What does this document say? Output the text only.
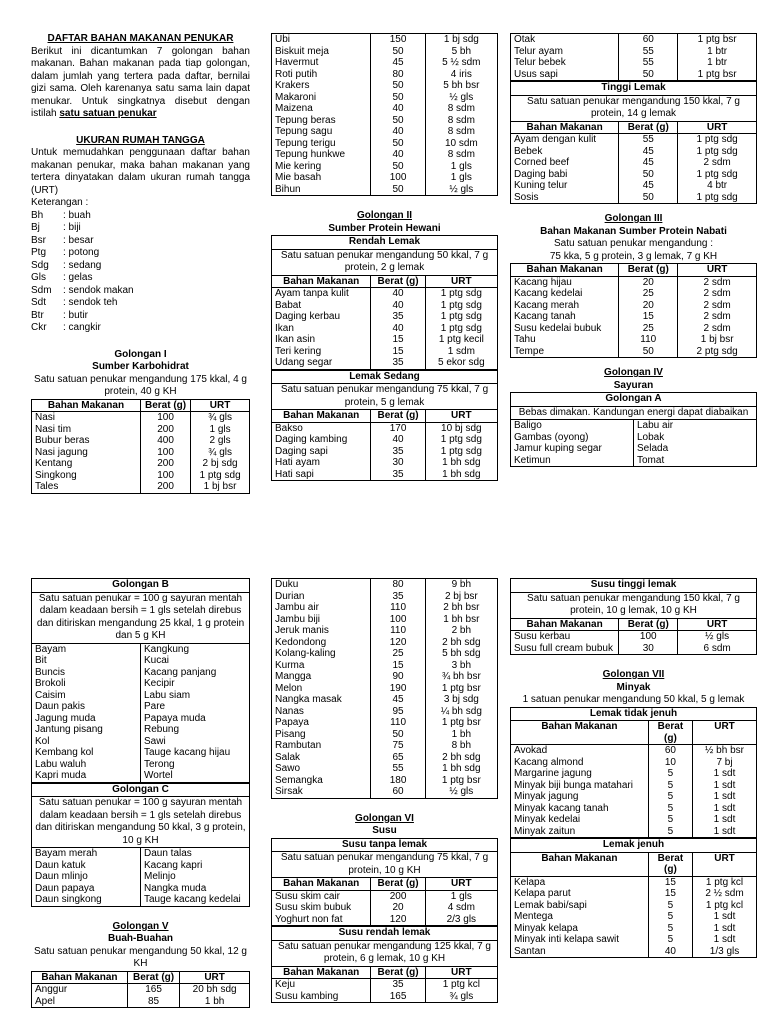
DAFTAR BAHAN MAKANAN PENUKAR

Berikut ini dicantumkan 7 golongan bahan makanan. Bahan makanan pada tiap golongan, dalam jumlah yang tertera pada daftar, bernilai gizi sama. Oleh karenanya satu sama lain dapat menukar. Untuk singkatnya disebut dengan istilah satu satuan penukar

UKURAN RUMAH TANGGA

Untuk memudahkan penggunaan daftar bahan makanan penukar, maka bahan makanan yang tertera dinyatakan dalam ukuran rumah tangga (URT)

Keterangan :
Bh	: buah
Bj	: biji
Bsr	: besar
Ptg	: potong
Sdg	: sedang
Gls	: gelas
Sdm	: sendok makan
Sdt	: sendok teh
Btr	: butir
Ckr	: cangkir
Golongan I
Sumber Karbohidrat
Satu satuan penukar mengandung 175 kkal, 4 g protein, 40 g KH
Bahan Makanan	Berat (g)	URT
Nasi	100	¾ gls
Nasi tim	200	1 gls
Bubur beras	400	2 gls
Nasi jagung	100	¾ gls
Kentang	200	2 bj sdg
Singkong	100	1 ptg sdg
Tales	200	1 bj bsr
Ubi	150	1 bj sdg
Biskuit meja	50	5 bh
Havermut	45	5 ½ sdm
Roti putih	80	4 iris
Krakers	50	5 bh bsr
Makaroni	50	½ gls
Maizena	40	8 sdm
Tepung beras	50	8 sdm
Tepung sagu	40	8 sdm
Tepung terigu	50	10 sdm
Tepung hunkwe	40	8 sdm
Mie kering	50	1 gls
Mie basah	100	1 gls
Bihun	50	½ gls
Golongan II
Sumber Protein Hewani
Rendah Lemak
Satu satuan penukar mengandung 50 kkal, 7 g protein, 2 g lemak
Bahan Makanan	Berat (g)	URT
Ayam tanpa kulit	40	1 ptg sdg
Babat	40	1 ptg sdg
Daging kerbau	35	1 ptg sdg
Ikan	40	1 ptg sdg
Ikan asin	15	1 ptg kecil
Teri kering	15	1 sdm
Udang segar	35	5 ekor sdg
Lemak Sedang
Satu satuan penukar mengandung 75 kkal, 7 g protein, 5 g lemak
Bahan Makanan	Berat (g)	URT
Bakso	170	10 bj sdg
Daging kambing	40	1 ptg sdg
Daging sapi	35	1 ptg sdg
Hati ayam	30	1 bh sdg
Hati sapi	35	1 bh sdg
Otak	60	1 ptg bsr
Telur ayam	55	1 btr
Telur bebek	55	1 btr
Usus sapi	50	1 ptg bsr
Tinggi Lemak
Satu satuan penukar mengandung 150 kkal, 7 g protein, 14 g lemak
Bahan Makanan	Berat (g)	URT
Ayam dengan kulit	55	1 ptg sdg
Bebek	45	1 ptg sdg
Corned beef	45	2 sdm
Daging babi	50	1 ptg sdg
Kuning telur	45	4 btr
Sosis	50	1 ptg sdg
Golongan III
Bahan Makanan Sumber Protein Nabati
Satu satuan penukar mengandung :
75 kka, 5 g protein, 3 g lemak, 7 g KH
Bahan Makanan	Berat (g)	URT
Kacang hijau	20	2 sdm
Kacang kedelai	25	2 sdm
Kacang merah	20	2 sdm
Kacang tanah	15	2 sdm
Susu kedelai bubuk	25	2 sdm
Tahu	110	1 bj bsr
Tempe	50	2 ptg sdg
Golongan IV
Sayuran
Golongan A
Bebas dimakan. Kandungan energi dapat diabaikan
Baligo	Labu air
Gambas (oyong)	Lobak
Jamur kuping segar	Selada
Ketimun	Tomat
Golongan B
Satu satuan penukar = 100 g sayuran mentah dalam keadaan bersih = 1 gls setelah direbus dan ditiriskan mengandung 25 kkal, 1 g protein dan 5 g KH
Bayam	Kangkung
Bit	Kucai
Buncis	Kacang panjang
Brokoli	Kecipir
Caisim	Labu siam
Daun pakis	Pare
Jagung muda	Papaya muda
Jantung pisang	Rebung
Kol	Sawi
Kembang kol	Tauge kacang hijau
Labu waluh	Terong
Kapri muda	Wortel
Golongan C
Satu satuan penukar = 100 g sayuran mentah dalam keadaan bersih = 1 gls setelah direbus dan ditiriskan mengandung 50 kkal, 3 g protein, 10 g KH
Bayam merah	Daun talas
Daun katuk	Kacang kapri
Daun mlinjo	Melinjo
Daun papaya	Nangka muda
Daun singkong	Tauge kacang kedelai
Golongan V
Buah-Buahan
Satu satuan penukar mengandung 50 kkal, 12 g KH
Bahan Makanan	Berat (g)	URT
Anggur	165	20 bh sdg
Apel	85	1 bh
Duku	80	9 bh
Durian	35	2 bj bsr
Jambu air	110	2 bh bsr
Jambu biji	100	1 bh bsr
Jeruk manis	110	2 bh
Kedondong	120	2 bh sdg
Kolang-kaling	25	5 bh sdg
Kurma	15	3 bh
Mangga	90	¾ bh bsr
Melon	190	1 ptg bsr
Nangka masak	45	3 bj sdg
Nanas	95	¼ bh sdg
Papaya	110	1 ptg bsr
Pisang	50	1 bh
Rambutan	75	8 bh
Salak	65	2 bh sdg
Sawo	55	1 bh sdg
Semangka	180	1 ptg bsr
Sirsak	60	½ gls
Golongan VI
Susu
Susu tanpa lemak
Satu satuan penukar mengandung 75 kkal, 7 g protein, 10 g KH
Bahan Makanan	Berat (g)	URT
Susu skim cair	200	1 gls
Susu skim bubuk	20	4 sdm
Yoghurt non fat	120	2/3 gls
Susu rendah lemak
Satu satuan penukar mengandung 125 kkal, 7 g protein, 6 g lemak, 10 g KH
Bahan Makanan	Berat (g)	URT
Keju	35	1 ptg kcl
Susu kambing	165	¾ gls
Susu tinggi lemak
Satu satuan penukar mengandung 150 kkal, 7 g protein, 10 g lemak, 10 g KH
Bahan Makanan	Berat (g)	URT
Susu kerbau	100	½ gls
Susu full cream bubuk	30	6 sdm
Golongan VII
Minyak
1 satuan penukar mengandung 50 kkal, 5 g lemak
Lemak tidak jenuh
Bahan Makanan	Berat (g)	URT
Avokad	60	½ bh bsr
Kacang almond	10	7 bj
Margarine jagung	5	1 sdt
Minyak biji bunga matahari	5	1 sdt
Minyak jagung	5	1 sdt
Minyak kacang tanah	5	1 sdt
Minyak kedelai	5	1 sdt
Minyak zaitun	5	1 sdt
Lemak jenuh
Bahan Makanan	Berat (g)	URT
Kelapa	15	1 ptg kcl
Kelapa parut	15	2 ½ sdm
Lemak babi/sapi	5	1 ptg kcl
Mentega	5	1 sdt
Minyak kelapa	5	1 sdt
Minyak inti kelapa sawit	5	1 sdt
Santan	40	1/3 gls
